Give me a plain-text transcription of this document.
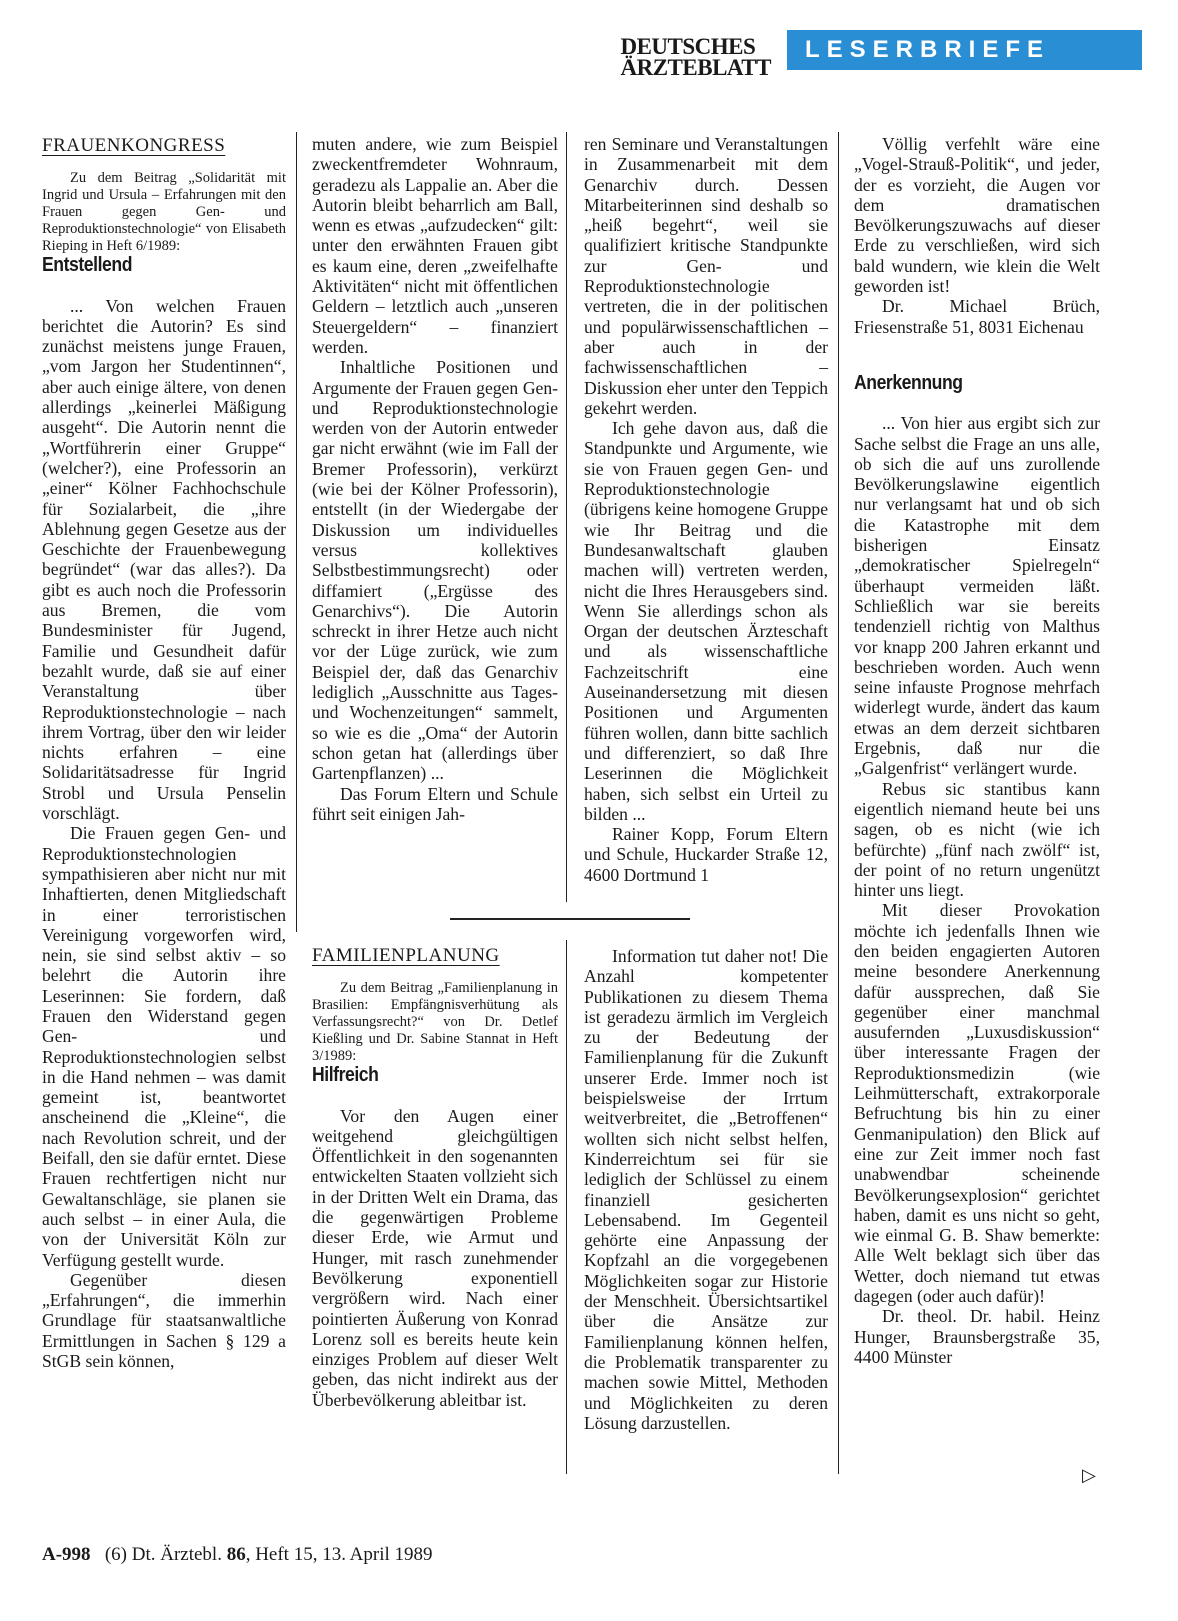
DEUTSCHES
ÄRZTEBLATT
LESERBRIEFE
FRAUENKONGRESS

Zu dem Beitrag „Solidarität mit Ingrid und Ursula – Erfahrungen mit den Frauen gegen Gen- und Reproduktionstechnologie“ von Elisabeth Rieping in Heft 6/1989:

Entstellend

... Von welchen Frauen berichtet die Autorin? Es sind zunächst meistens junge Frauen, „vom Jargon her Studentinnen“, aber auch einige ältere, von denen allerdings „keinerlei Mäßigung ausgeht“. Die Autorin nennt die „Wortführerin einer Gruppe“ (welcher?), eine Professorin an „einer“ Kölner Fachhochschule für Sozialarbeit, die „ihre Ablehnung gegen Gesetze aus der Geschichte der Frauenbewegung begründet“ (war das alles?). Da gibt es auch noch die Professorin aus Bremen, die vom Bundesminister für Jugend, Familie und Gesundheit dafür bezahlt wurde, daß sie auf einer Veranstaltung über Reproduktionstechnologie – nach ihrem Vortrag, über den wir leider nichts erfahren – eine Solidaritätsadresse für Ingrid Strobl und Ursula Penselin vorschlägt.

Die Frauen gegen Gen- und Reproduktionstechnologien sympathisieren aber nicht nur mit Inhaftierten, denen Mitgliedschaft in einer terroristischen Vereinigung vorgeworfen wird, nein, sie sind selbst aktiv – so belehrt die Autorin ihre Leserinnen: Sie fordern, daß Frauen den Widerstand gegen Gen- und Reproduktionstechnologien selbst in die Hand nehmen – was damit gemeint ist, beantwortet anscheinend die „Kleine“, die nach Revolution schreit, und der Beifall, den sie dafür erntet. Diese Frauen rechtfertigen nicht nur Gewaltanschläge, sie planen sie auch selbst – in einer Aula, die von der Universität Köln zur Verfügung gestellt wurde.

Gegenüber diesen „Erfahrungen“, die immerhin Grundlage für staatsanwaltliche Ermittlungen in Sachen § 129 a StGB sein können,

muten andere, wie zum Beispiel zweckentfremdeter Wohnraum, geradezu als Lappalie an. Aber die Autorin bleibt beharrlich am Ball, wenn es etwas „aufzudecken“ gilt: unter den erwähnten Frauen gibt es kaum eine, deren „zweifelhafte Aktivitäten“ nicht mit öffentlichen Geldern – letztlich auch „unseren Steuergeldern“ – finanziert werden.

Inhaltliche Positionen und Argumente der Frauen gegen Gen- und Reproduktionstechnologie werden von der Autorin entweder gar nicht erwähnt (wie im Fall der Bremer Professorin), verkürzt (wie bei der Kölner Professorin), entstellt (in der Wiedergabe der Diskussion um individuelles versus kollektives Selbstbestimmungsrecht) oder diffamiert („Ergüsse des Genarchivs“). Die Autorin schreckt in ihrer Hetze auch nicht vor der Lüge zurück, wie zum Beispiel der, daß das Genarchiv lediglich „Ausschnitte aus Tages- und Wochenzeitungen“ sammelt, so wie es die „Oma“ der Autorin schon getan hat (allerdings über Gartenpflanzen) ...

Das Forum Eltern und Schule führt seit einigen Jah-

ren Seminare und Veranstaltungen in Zusammenarbeit mit dem Genarchiv durch. Dessen Mitarbeiterinnen sind deshalb so „heiß begehrt“, weil sie qualifiziert kritische Standpunkte zur Gen- und Reproduktionstechnologie vertreten, die in der politischen und populärwissenschaftlichen – aber auch in der fachwissenschaftlichen – Diskussion eher unter den Teppich gekehrt werden.

Ich gehe davon aus, daß die Standpunkte und Argumente, wie sie von Frauen gegen Gen- und Reproduktionstechnologie (übrigens keine homogene Gruppe wie Ihr Beitrag und die Bundesanwaltschaft glauben machen will) vertreten werden, nicht die Ihres Herausgebers sind. Wenn Sie allerdings schon als Organ der deutschen Ärzteschaft und als wissenschaftliche Fachzeitschrift eine Auseinandersetzung mit diesen Positionen und Argumenten führen wollen, dann bitte sachlich und differenziert, so daß Ihre Leserinnen die Möglichkeit haben, sich selbst ein Urteil zu bilden ...

Rainer Kopp, Forum Eltern und Schule, Huckarder Straße 12, 4600 Dortmund 1

FAMILIENPLANUNG

Zu dem Beitrag „Familienplanung in Brasilien: Empfängnisverhütung als Verfassungsrecht?“ von Dr. Detlef Kießling und Dr. Sabine Stannat in Heft 3/1989:

Hilfreich

Vor den Augen einer weitgehend gleichgültigen Öffentlichkeit in den sogenannten entwickelten Staaten vollzieht sich in der Dritten Welt ein Drama, das die gegenwärtigen Probleme dieser Erde, wie Armut und Hunger, mit rasch zunehmender Bevölkerung exponentiell vergrößern wird. Nach einer pointierten Äußerung von Konrad Lorenz soll es bereits heute kein einziges Problem auf dieser Welt geben, das nicht indirekt aus der Überbevölkerung ableitbar ist.

Information tut daher not! Die Anzahl kompetenter Publikationen zu diesem Thema ist geradezu ärmlich im Vergleich zu der Bedeutung der Familienplanung für die Zukunft unserer Erde. Immer noch ist beispielsweise der Irrtum weitverbreitet, die „Betroffenen“ wollten sich nicht selbst helfen, Kinderreichtum sei für sie lediglich der Schlüssel zu einem finanziell gesicherten Lebensabend. Im Gegenteil gehörte eine Anpassung der Kopfzahl an die vorgegebenen Möglichkeiten sogar zur Historie der Menschheit. Übersichtsartikel über die Ansätze zur Familienplanung können helfen, die Problematik transparenter zu machen sowie Mittel, Methoden und Möglichkeiten zu deren Lösung darzustellen.

Völlig verfehlt wäre eine „Vogel-Strauß-Politik“, und jeder, der es vorzieht, die Augen vor dem dramatischen Bevölkerungszuwachs auf dieser Erde zu verschließen, wird sich bald wundern, wie klein die Welt geworden ist!

Dr. Michael Brüch, Friesenstraße 51, 8031 Eichenau

Anerkennung

... Von hier aus ergibt sich zur Sache selbst die Frage an uns alle, ob sich die auf uns zurollende Bevölkerungslawine eigentlich nur verlangsamt hat und ob sich die Katastrophe mit dem bisherigen Einsatz „demokratischer Spielregeln“ überhaupt vermeiden läßt. Schließlich war sie bereits tendenziell richtig von Malthus vor knapp 200 Jahren erkannt und beschrieben worden. Auch wenn seine infauste Prognose mehrfach widerlegt wurde, ändert das kaum etwas an dem derzeit sichtbaren Ergebnis, daß nur die „Galgenfrist“ verlängert wurde.

Rebus sic stantibus kann eigentlich niemand heute bei uns sagen, ob es nicht (wie ich befürchte) „fünf nach zwölf“ ist, der point of no return ungenützt hinter uns liegt.

Mit dieser Provokation möchte ich jedenfalls Ihnen wie den beiden engagierten Autoren meine besondere Anerkennung dafür aussprechen, daß Sie gegenüber einer manchmal ausufernden „Luxusdiskussion“ über interessante Fragen der Reproduktionsmedizin (wie Leihmütterschaft, extrakorporale Befruchtung bis hin zu einer Genmanipulation) den Blick auf eine zur Zeit immer noch fast unabwendbar scheinende Bevölkerungsexplosion“ gerichtet haben, damit es uns nicht so geht, wie einmal G. B. Shaw bemerkte: Alle Welt beklagt sich über das Wetter, doch niemand tut etwas dagegen (oder auch dafür)!

Dr. theol. Dr. habil. Heinz Hunger, Braunsbergstraße 35, 4400 Münster

▷
A-998 (6) Dt. Ärztebl. 86, Heft 15, 13. April 1989
